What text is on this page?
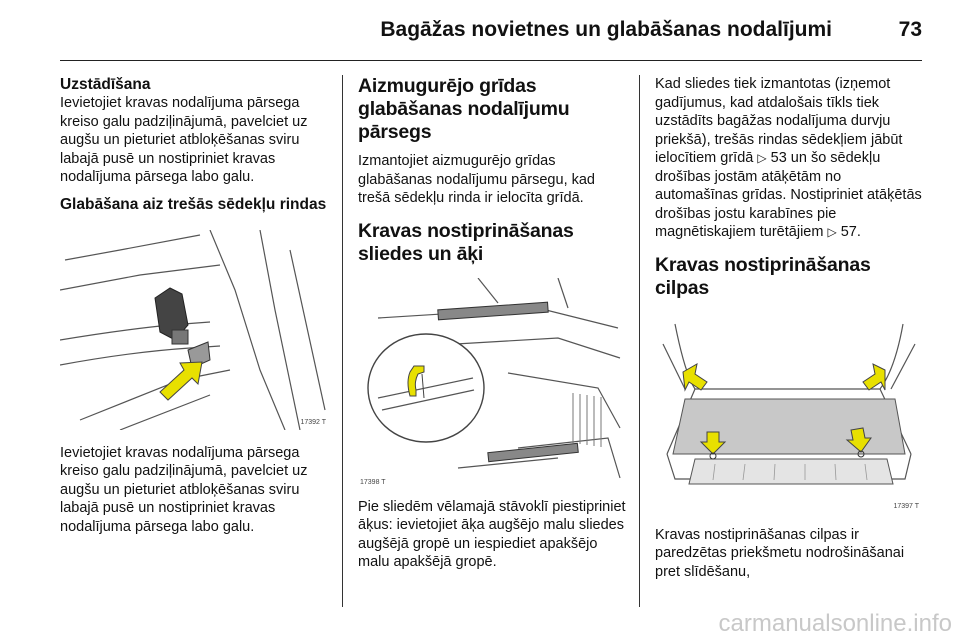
Bagāžas novietnes un glabāšanas nodalījumi	73
Uzstādīšana

Ievietojiet kravas nodalījuma pārsega kreiso galu padziļinājumā, pavelciet uz augšu un pieturiet atbloķēšanas sviru labajā pusē un nostipriniet kravas nodalījuma pārsega labo galu.

Glabāšana aiz trešās sēdekļu rindas
17392 T

Ievietojiet kravas nodalījuma pārsega kreiso galu padziļinājumā, pavelciet uz augšu un pieturiet atbloķēšanas sviru labajā pusē un nostipriniet kravas nodalījuma pārsega labo galu.

Aizmugurējo grīdas glabāšanas nodalījumu pārsegs

Izmantojiet aizmugurējo grīdas glabāšanas nodalījumu pārsegu, kad trešā sēdekļu rinda ir ielocīta grīdā.

Kravas nostiprināšanas sliedes un āķi
17398 T

Pie sliedēm vēlamajā stāvoklī piestipriniet āķus: ievietojiet āķa augšējo malu sliedes augšējā gropē un iespiediet apakšējo malu apakšējā gropē.

Kad sliedes tiek izmantotas (izņemot gadījumus, kad atdalošais tīkls tiek uzstādīts bagāžas nodalījuma durvju priekšā), trešās rindas sēdekļiem jābūt ielocītiem grīdā ▷ 53 un šo sēdekļu drošības jostām atāķētām no automašīnas grīdas. Nostipriniet atāķētās drošības jostu karabīnes pie magnētiskajiem turētājiem ▷ 57.

Kravas nostiprināšanas cilpas
17397 T

Kravas nostiprināšanas cilpas ir paredzētas priekšmetu nodrošināšanai pret slīdēšanu,

carmanualsonline.info
